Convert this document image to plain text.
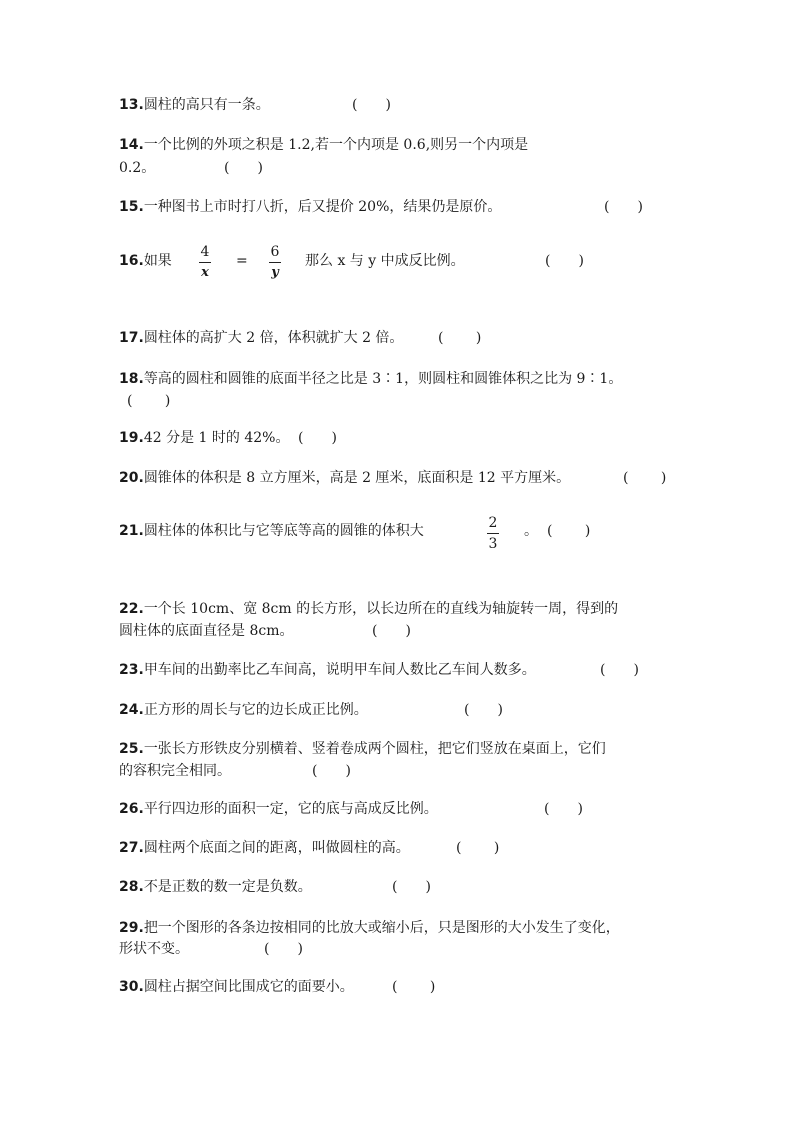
13.圆柱的高只有一条。	(　　)
14.一个比例的外项之积是 1.2,若一个内项是 0.6,则另一个内项是
0.2。	(　　)
15.一种图书上市时打八折，后又提价 20%，结果仍是原价。	(　　)
16.如果
4
x
=
6
y
那么 x 与 y 中成反比例。	(　　)
17.圆柱体的高扩大 2 倍，体积就扩大 2 倍。 (　　 )
18.等高的圆柱和圆锥的底面半径之比是 3∶1，则圆柱和圆锥体积之比为 9∶1。
(　　 )
19.42 分是 1 时的 42%。 (　　)
20.圆锥体的体积是 8 立方厘米，高是 2 厘米，底面积是 12 平方厘米。	(　　 )
21.圆柱体的体积比与它等底等高的圆锥的体积大	2
3
。 (　　 )
22.一个长 10cm、宽 8cm 的长方形，以长边所在的直线为轴旋转一周，得到的
圆柱体的底面直径是 8cm。	(　　)
23.甲车间的出勤率比乙车间高，说明甲车间人数比乙车间人数多。	(　　)
24.正方形的周长与它的边长成正比例。	(　　)
25.一张长方形铁皮分别横着、竖着卷成两个圆柱，把它们竖放在桌面上，它们
的容积完全相同。	(　　)
26.平行四边形的面积一定，它的底与高成反比例。	(　　)
27.圆柱两个底面之间的距离，叫做圆柱的高。	(　　 )
28.不是正数的数一定是负数。	(　　)
29.把一个图形的各条边按相同的比放大或缩小后，只是图形的大小发生了变化，
形状不变。	(　　)
30.圆柱占据空间比围成它的面要小。	(　　 )
